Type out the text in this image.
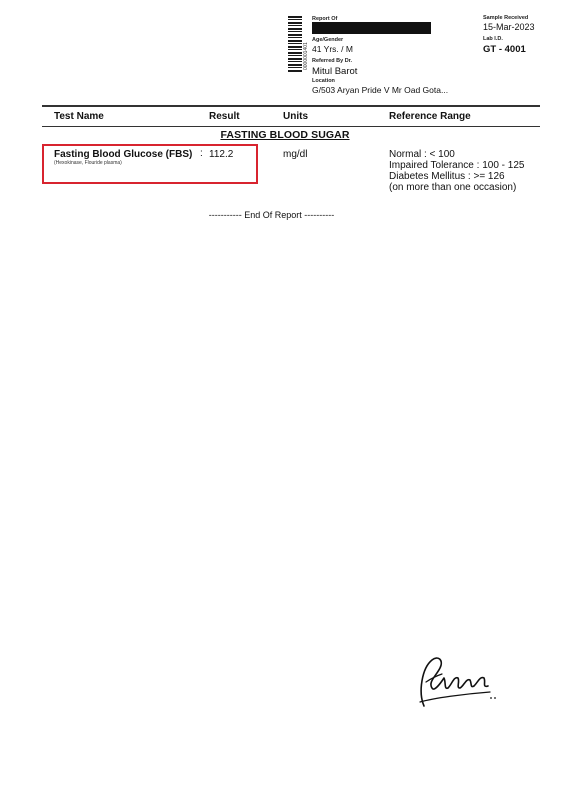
0000001401
Report Of
Age/Gender
41 Yrs. / M
Referred By Dr.
Mitul Barot
Location
G/503 Aryan Pride V Mr Oad Gota...
Sample Received
15-Mar-2023
Lab I.D.
GT - 4001
Test Name	Result	Units	Reference Range
FASTING BLOOD SUGAR
Fasting Blood Glucose (FBS)
(Hexokinase, Flouride plasma)
: 112.2	mg/dl	Normal : < 100
Impaired Tolerance : 100 - 125
Diabetes Mellitus : >= 126
(on more than one occasion)
----------- End Of Report ----------
